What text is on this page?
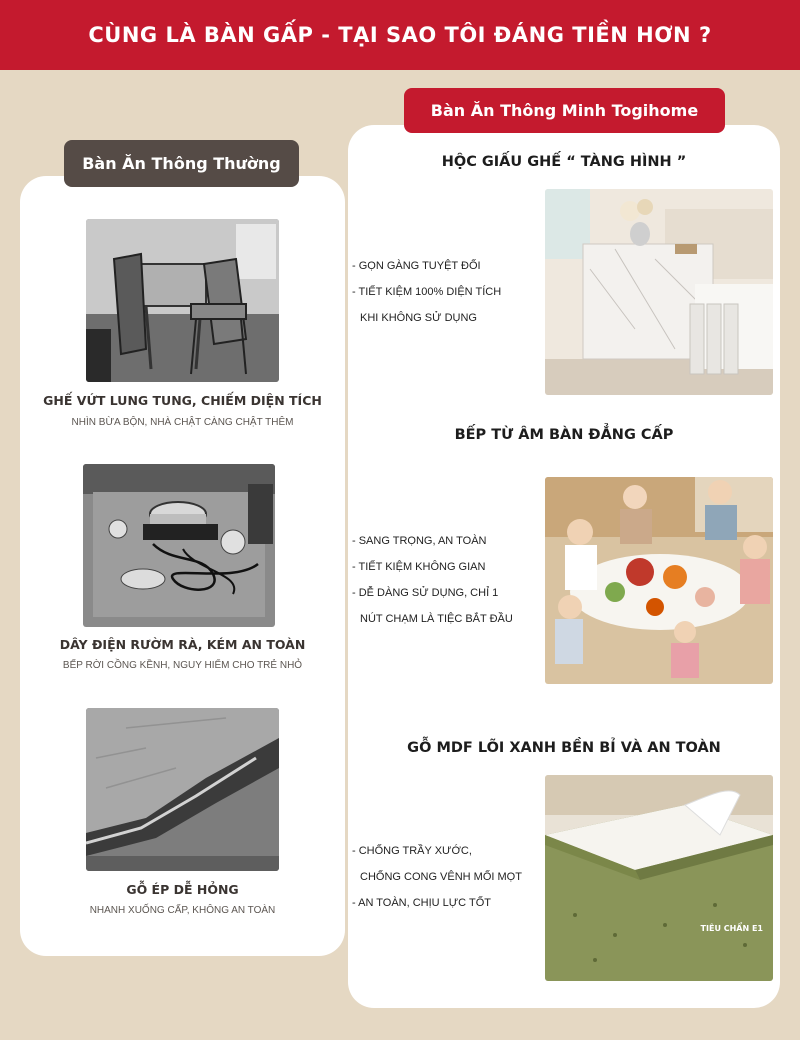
CÙNG LÀ BÀN GẤP - TẠI SAO TÔI ĐÁNG TIỀN HƠN ?
Bàn Ăn Thông Thường
Bàn Ăn Thông Minh Togihome
GHẾ VỨT LUNG TUNG, CHIẾM DIỆN TÍCH
NHÌN BỪA BỘN, NHÀ CHẬT CÀNG CHẬT THÊM
DÂY ĐIỆN RƯỜM RÀ, KÉM AN TOÀN
BẾP RỜI CỒNG KỀNH, NGUY HIỂM CHO TRẺ NHỎ
GỖ ÉP DỄ HỎNG
NHANH XUỐNG CẤP, KHÔNG AN TOÀN
HỘC GIẤU GHẾ “ TÀNG HÌNH ”
- GỌN GÀNG TUYỆT ĐỐI
- TIẾT KIỆM 100% DIỆN TÍCH
KHI KHÔNG SỬ DỤNG
BẾP TỪ ÂM BÀN ĐẲNG CẤP
- SANG TRỌNG, AN TOÀN
- TIẾT KIỆM KHÔNG GIAN
- DỄ DÀNG SỬ DỤNG, CHỈ 1
NÚT CHẠM LÀ TIỆC BẮT ĐẦU
GỖ MDF LÕI XANH BỀN BỈ VÀ AN TOÀN
- CHỐNG TRẦY XƯỚC,
CHỐNG CONG VÊNH MỐI MỌT
- AN TOÀN, CHỊU LỰC TỐT
TIÊU CHẨN E1
